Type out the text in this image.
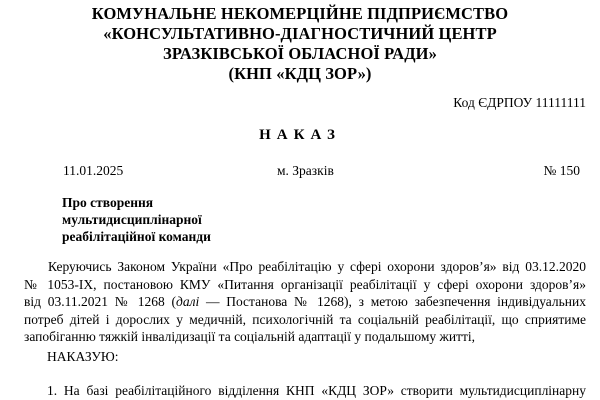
КОМУНАЛЬНЕ НЕКОМЕРЦІЙНЕ ПІДПРИЄМСТВО
«КОНСУЛЬТАТИВНО-ДІАГНОСТИЧНИЙ ЦЕНТР
ЗРАЗКІВСЬКОЇ ОБЛАСНОЇ РАДИ»
(КНП «КДЦ ЗОР»)
Код ЄДРПОУ 11111111
НАКАЗ
11.01.2025	м. Зразків	№ 150
Про створення
мультидисциплінарної
реабілітаційної команди
Керуючись Законом України «Про реабілітацію у сфері охорони здоров’я» від 03.12.2020
№ 1053-IX, постановою КМУ «Питання організації реабілітації у сфері охорони здоров’я»
від 03.11.2021 № 1268 (далі — Постанова № 1268), з метою забезпечення індивідуальних
потреб дітей і дорослих у медичній, психологічній та соціальній реабілітації, що сприятиме
запобіганню тяжкій інвалідизації та соціальній адаптації у подальшому житті,
НАКАЗУЮ:
1. На базі реабілітаційного відділення КНП «КДЦ ЗОР» створити мультидисциплінарну
